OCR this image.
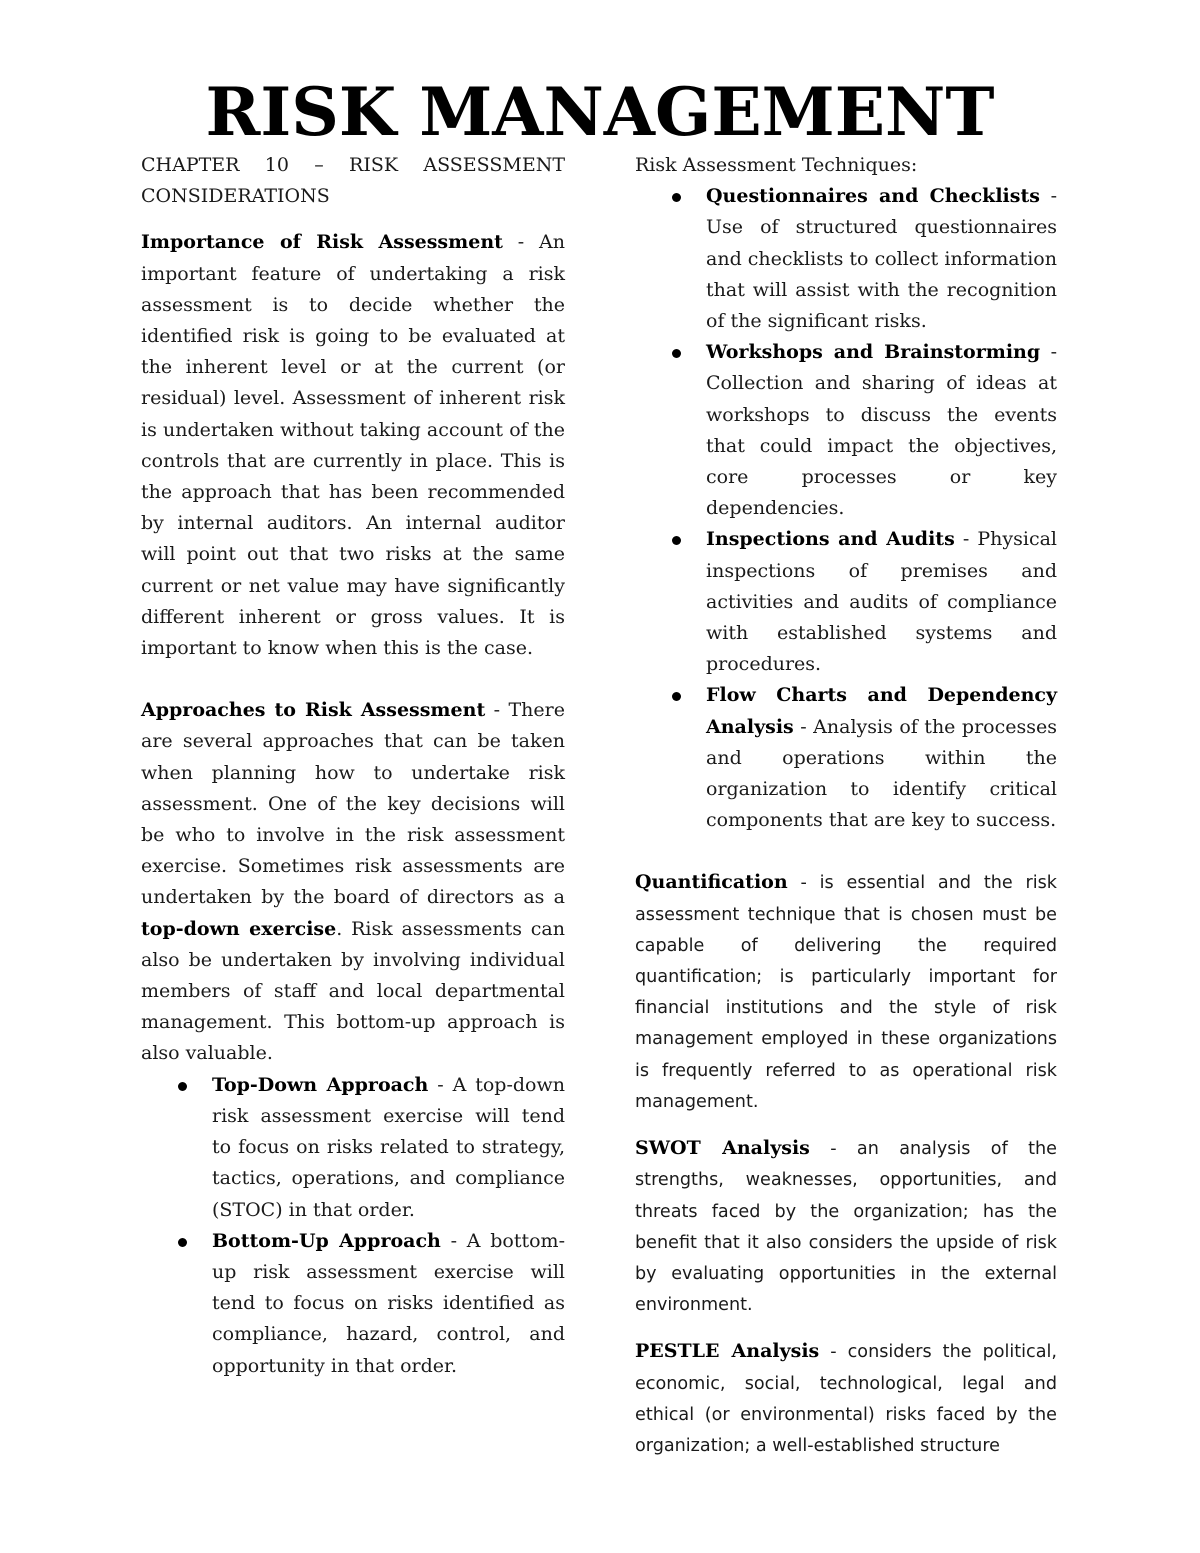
RISK MANAGEMENT

CHAPTER 10 – RISK ASSESSMENT CONSIDERATIONS

Importance of Risk Assessment - An important feature of undertaking a risk assessment is to decide whether the identified risk is going to be evaluated at the inherent level or at the current (or residual) level. Assessment of inherent risk is undertaken without taking account of the controls that are currently in place. This is the approach that has been recommended by internal auditors. An internal auditor will point out that two risks at the same current or net value may have significantly different inherent or gross values. It is important to know when this is the case.

Approaches to Risk Assessment - There are several approaches that can be taken when planning how to undertake risk assessment. One of the key decisions will be who to involve in the risk assessment exercise. Sometimes risk assessments are undertaken by the board of directors as a top-down exercise. Risk assessments can also be undertaken by involving individual members of staff and local departmental management. This bottom-up approach is also valuable.

Top-Down Approach - A top-down risk assessment exercise will tend to focus on risks related to strategy, tactics, operations, and compliance (STOC) in that order.
Bottom-Up Approach - A bottom-up risk assessment exercise will tend to focus on risks identified as compliance, hazard, control, and opportunity in that order.

Risk Assessment Techniques:

Questionnaires and Checklists - Use of structured questionnaires and checklists to collect information that will assist with the recognition of the significant risks.
Workshops and Brainstorming - Collection and sharing of ideas at workshops to discuss the events that could impact the objectives, core processes or key dependencies.
Inspections and Audits - Physical inspections of premises and activities and audits of compliance with established systems and procedures.
Flow Charts and Dependency Analysis - Analysis of the processes and operations within the organization to identify critical components that are key to success.

Quantification - is essential and the risk assessment technique that is chosen must be capable of delivering the required quantification; is particularly important for financial institutions and the style of risk management employed in these organizations is frequently referred to as operational risk management.

SWOT Analysis - an analysis of the strengths, weaknesses, opportunities, and threats faced by the organization; has the benefit that it also considers the upside of risk by evaluating opportunities in the external environment.

PESTLE Analysis - considers the political, economic, social, technological, legal and ethical (or environmental) risks faced by the organization; a well-established structure
